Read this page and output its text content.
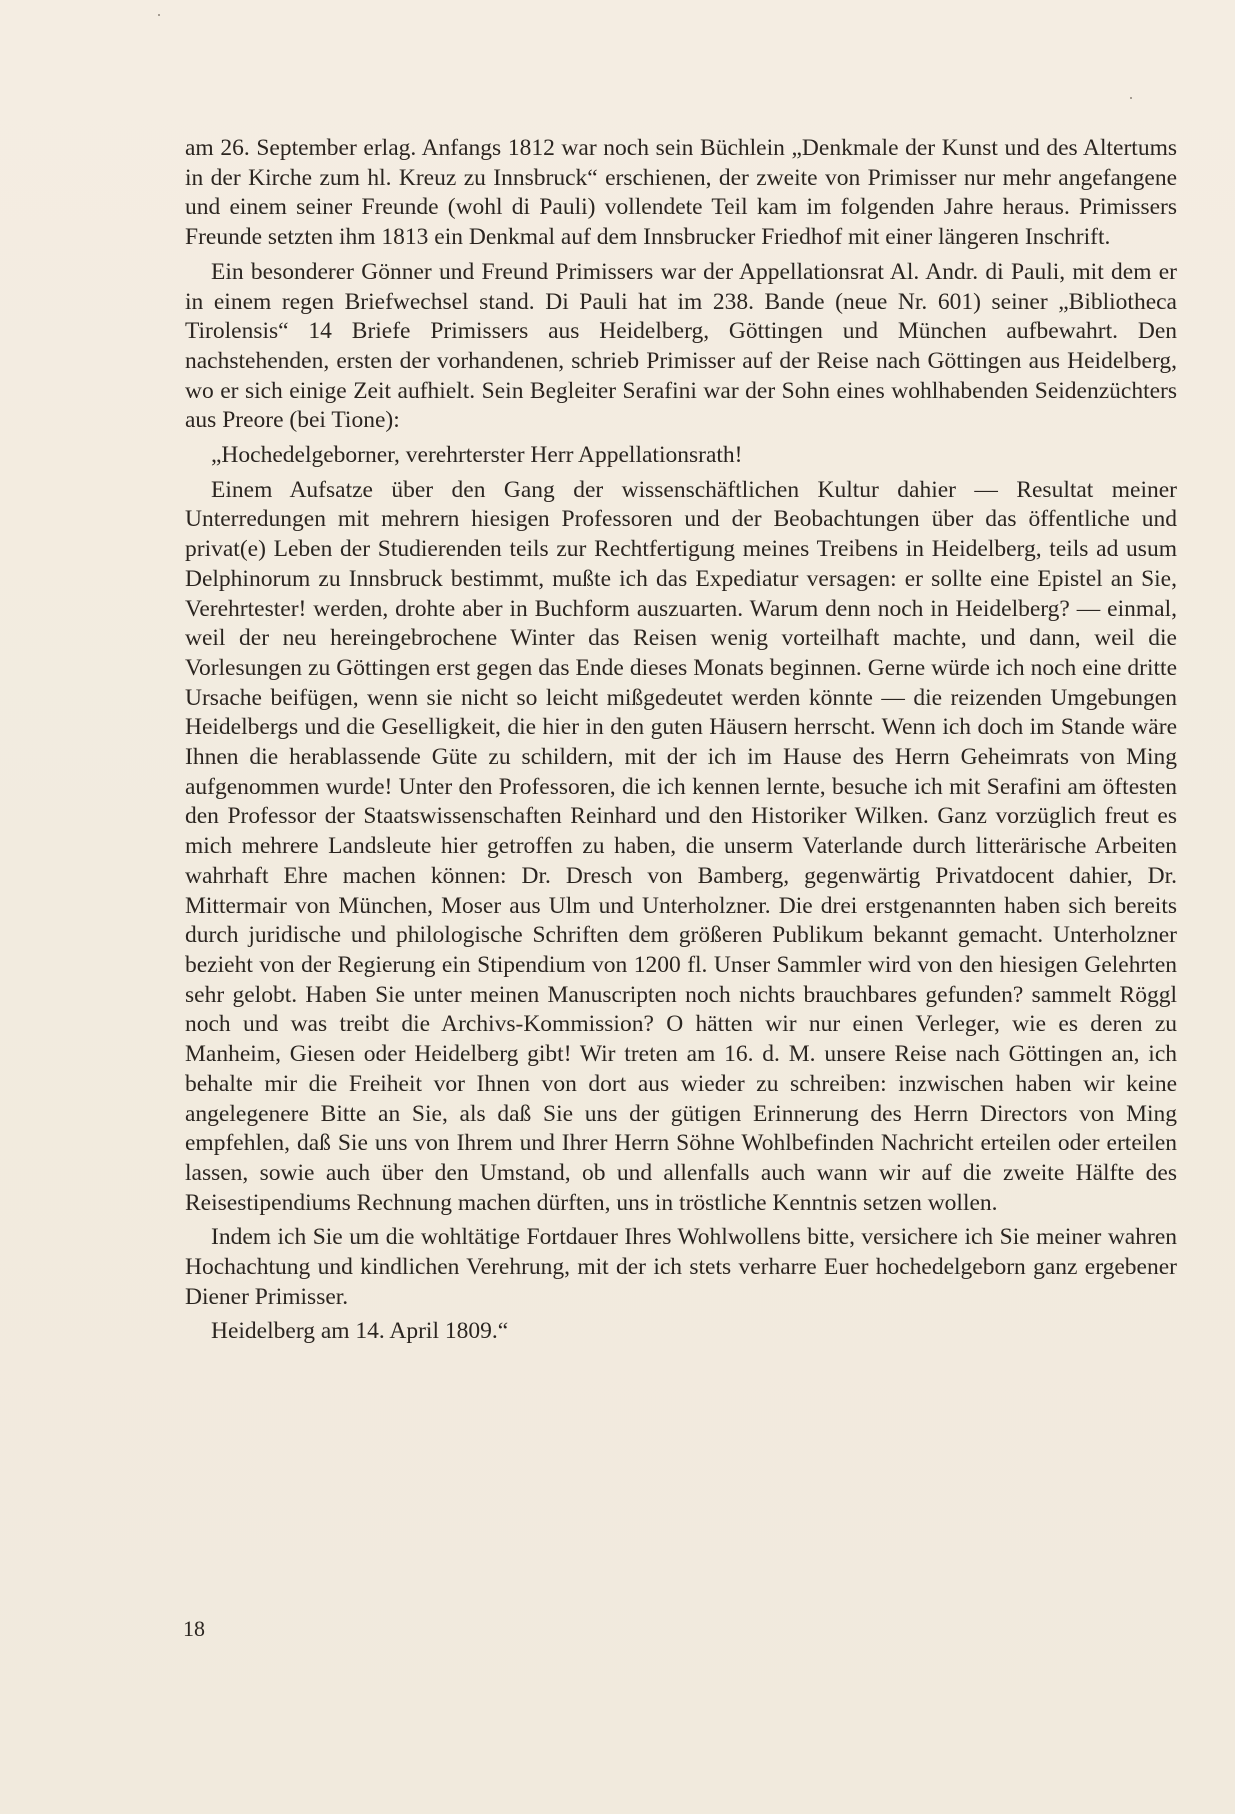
am 26. September erlag. Anfangs 1812 war noch sein Büchlein „Denkmale der Kunst und des Altertums in der Kirche zum hl. Kreuz zu Innsbruck“ erschienen, der zweite von Primisser nur mehr angefangene und einem seiner Freunde (wohl di Pauli) vollendete Teil kam im folgenden Jahre heraus. Primissers Freunde setzten ihm 1813 ein Denkmal auf dem Innsbrucker Friedhof mit einer längeren Inschrift.

Ein besonderer Gönner und Freund Primissers war der Appellationsrat Al. Andr. di Pauli, mit dem er in einem regen Briefwechsel stand. Di Pauli hat im 238. Bande (neue Nr. 601) seiner „Bibliotheca Tirolensis“ 14 Briefe Primissers aus Heidelberg, Göttingen und München aufbewahrt. Den nachstehenden, ersten der vorhandenen, schrieb Primisser auf der Reise nach Göttingen aus Heidelberg, wo er sich einige Zeit aufhielt. Sein Begleiter Serafini war der Sohn eines wohlhabenden Seidenzüchters aus Preore (bei Tione):

„Hochedelgeborner, verehrterster Herr Appellationsrath!

Einem Aufsatze über den Gang der wissenschäftlichen Kultur dahier — Resultat meiner Unterredungen mit mehrern hiesigen Professoren und der Beobachtungen über das öffentliche und privat(e) Leben der Studierenden teils zur Rechtfertigung meines Treibens in Heidelberg, teils ad usum Delphinorum zu Innsbruck bestimmt, mußte ich das Expediatur versagen: er sollte eine Epistel an Sie, Verehrtester! werden, drohte aber in Buchform auszuarten. Warum denn noch in Heidelberg? — einmal, weil der neu hereingebrochene Winter das Reisen wenig vorteilhaft machte, und dann, weil die Vorlesungen zu Göttingen erst gegen das Ende dieses Monats beginnen. Gerne würde ich noch eine dritte Ursache beifügen, wenn sie nicht so leicht mißgedeutet werden könnte — die reizenden Umgebungen Heidelbergs und die Geselligkeit, die hier in den guten Häusern herrscht. Wenn ich doch im Stande wäre Ihnen die herablassende Güte zu schildern, mit der ich im Hause des Herrn Geheimrats von Ming aufgenommen wurde! Unter den Professoren, die ich kennen lernte, besuche ich mit Serafini am öftesten den Professor der Staatswissenschaften Reinhard und den Historiker Wilken. Ganz vorzüglich freut es mich mehrere Landsleute hier getroffen zu haben, die unserm Vaterlande durch litterärische Arbeiten wahrhaft Ehre machen können: Dr. Dresch von Bamberg, gegenwärtig Privatdocent dahier, Dr. Mittermair von München, Moser aus Ulm und Unterholzner. Die drei erstgenannten haben sich bereits durch juridische und philologische Schriften dem größeren Publikum bekannt gemacht. Unterholzner bezieht von der Regierung ein Stipendium von 1200 fl. Unser Sammler wird von den hiesigen Gelehrten sehr gelobt. Haben Sie unter meinen Manuscripten noch nichts brauchbares gefunden? sammelt Röggl noch und was treibt die Archivs-Kommission? O hätten wir nur einen Verleger, wie es deren zu Manheim, Giesen oder Heidelberg gibt! Wir treten am 16. d. M. unsere Reise nach Göttingen an, ich behalte mir die Freiheit vor Ihnen von dort aus wieder zu schreiben: inzwischen haben wir keine angelegenere Bitte an Sie, als daß Sie uns der gütigen Erinnerung des Herrn Directors von Ming empfehlen, daß Sie uns von Ihrem und Ihrer Herrn Söhne Wohlbefinden Nachricht erteilen oder erteilen lassen, sowie auch über den Umstand, ob und allenfalls auch wann wir auf die zweite Hälfte des Reisestipendiums Rechnung machen dürften, uns in tröstliche Kenntnis setzen wollen.

Indem ich Sie um die wohltätige Fortdauer Ihres Wohlwollens bitte, versichere ich Sie meiner wahren Hochachtung und kindlichen Verehrung, mit der ich stets verharre Euer hochedelgeborn ganz ergebener Diener Primisser.

Heidelberg am 14. April 1809.“

18
